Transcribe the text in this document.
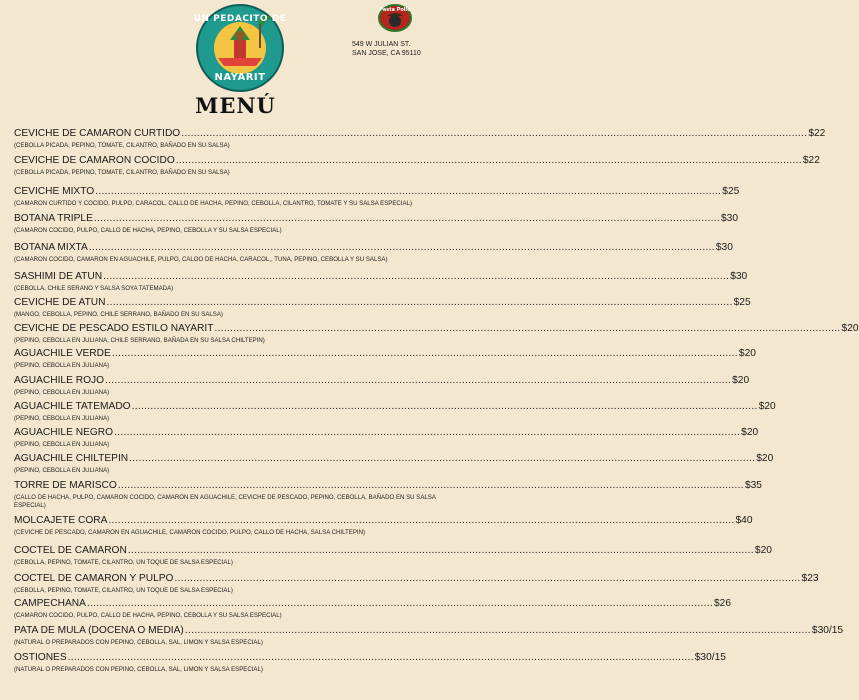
UN PEDACITO DE
NAYARIT
Pasta Pollo
549 W JULIAN ST.
SAN JOSE, CA 95110
MENÚ
CEVICHE DE CAMARON CURTIDO ........................................................................................................................................................................................................ $22
(CEBOLLA PICADA, PEPINO, TOMATE, CILANTRO, BAÑADO EN SU SALSA)
CEVICHE DE CAMARON COCIDO ........................................................................................................................................................................................................ $22
(CEBOLLA PICADA, PEPINO, TOMATE, CILANTRO, BAÑADO EN SU SALSA)
CEVICHE MIXTO ........................................................................................................................................................................................................ $25
(CAMARON CURTIDO Y COCIDO, PULPO, CARACOL, CALLO DE HACHA, PEPINO, CEBOLLA, CILANTRO, TOMATE Y SU SALSA ESPECIAL)
BOTANA TRIPLE ........................................................................................................................................................................................................ $30
(CAMARON COCIDO, PULPO, CALLO DE HACHA, PEPINO, CEBOLLA Y SU SALSA ESPECIAL)
BOTANA MIXTA ........................................................................................................................................................................................................ $30
(CAMARON COCIDO, CAMARON EN AGUACHILE, PULPO, CALOO DE HACHA, CARACOL,, TUNA, PEPINO, CEBOLLA Y SU SALSA)
SASHIMI DE ATUN ........................................................................................................................................................................................................ $30
(CEBOLLA, CHILE SERANO Y SALSA SOYA TATEMADA)
CEVICHE DE ATUN ........................................................................................................................................................................................................ $25
(MANGO, CEBOLLA, PEPINO, CHILE SERRANO, BAÑADO EN SU SALSA)
CEVICHE DE PESCADO ESTILO NAYARIT ........................................................................................................................................................................................................ $20
(PEPINO, CEBOLLA EN JULIANA, CHILE SERRANO, BAÑADA EN SU SALSA CHILTEPIN)
AGUACHILE VERDE ........................................................................................................................................................................................................ $20
(PEPINO, CEBOLLA EN JULIANA)
AGUACHILE ROJO ........................................................................................................................................................................................................ $20
(PEPINO, CEBOLLA EN JULIANA)
AGUACHILE TATEMADO ........................................................................................................................................................................................................ $20
(PEPINO, CEBOLLA EN JULIANA)
AGUACHILE NEGRO ........................................................................................................................................................................................................ $20
(PEPINO, CEBOLLA EN JULIANA)
AGUACHILE CHILTEPIN ........................................................................................................................................................................................................ $20
(PEPINO, CEBOLLA EN JULIANA)
TORRE DE MARISCO ........................................................................................................................................................................................................ $35
(CALLO DE HACHA, PULPO, CAMARON COCIDO, CAMARON EN AGUACHILE, CEVICHE DE PESCADO, PEPINO, CEBOLLA, BAÑADO EN SU SALSA ESPECIAL)
MOLCAJETE CORA ........................................................................................................................................................................................................ $40
(CEVICHE DE PESCADO, CAMARON EN AGUACHILE, CAMARON COCIDO, PULPO, CALLO DE HACHA, SALSA CHILTEPIN)
COCTEL DE CAMARON ........................................................................................................................................................................................................ $20
(CEBOLLA, PEPINO, TOMATE, CILANTRO, UN TOQUE DE SALSA ESPECIAL)
COCTEL DE CAMARON Y PULPO ........................................................................................................................................................................................................ $23
(CEBOLLA, PEPINO, TOMATE, CILANTRO, UN TOQUE DE SALSA ESPECIAL)
CAMPECHANA ........................................................................................................................................................................................................ $26
(CAMARON COCIDO, PULPO, CALLO DE HACHA, PEPINO, CEBOLLA Y SU SALSA ESPECIAL)
PATA DE MULA (DOCENA O MEDIA) ........................................................................................................................................................................................................ $30/15
(NATURAL O PREPARADOS CON PEPINO, CEBOLLA, SAL, LIMON Y SALSA ESPECIAL)
OSTIONES ........................................................................................................................................................................................................ $30/15
(NATURAL O PREPARADOS CON PEPINO, CEBOLLA, SAL, LIMON Y SALSA ESPECIAL)
